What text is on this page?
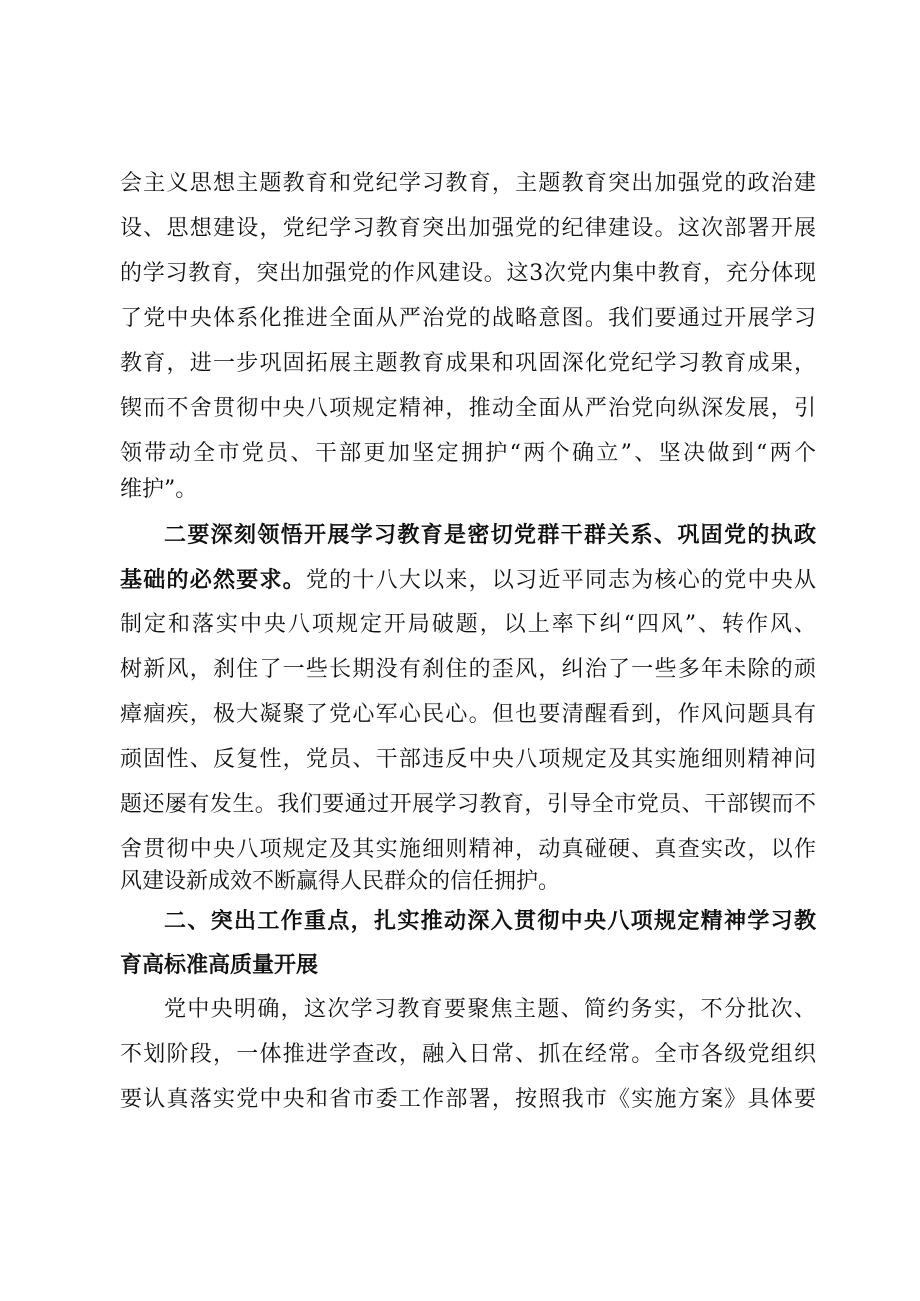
会主义思想主题教育和党纪学习教育，主题教育突出加强党的政治建
设、思想建设，党纪学习教育突出加强党的纪律建设。这次部署开展
的学习教育，突出加强党的作风建设。这3次党内集中教育，充分体现
了党中央体系化推进全面从严治党的战略意图。我们要通过开展学习
教育，进一步巩固拓展主题教育成果和巩固深化党纪学习教育成果，
锲而不舍贯彻中央八项规定精神，推动全面从严治党向纵深发展，引
领带动全市党员、干部更加坚定拥护“两个确立”、坚决做到“两个
维护”。
二要深刻领悟开展学习教育是密切党群干群关系、巩固党的执政
基础的必然要求。党的十八大以来，以习近平同志为核心的党中央从
制定和落实中央八项规定开局破题，以上率下纠“四风”、转作风、
树新风，刹住了一些长期没有刹住的歪风，纠治了一些多年未除的顽
瘴痼疾，极大凝聚了党心军心民心。但也要清醒看到，作风问题具有
顽固性、反复性，党员、干部违反中央八项规定及其实施细则精神问
题还屡有发生。我们要通过开展学习教育，引导全市党员、干部锲而不
舍贯彻中央八项规定及其实施细则精神，动真碰硬、真查实改，以作
风建设新成效不断赢得人民群众的信任拥护。
二、突出工作重点，扎实推动深入贯彻中央八项规定精神学习教
育高标准高质量开展
党中央明确，这次学习教育要聚焦主题、简约务实，不分批次、
不划阶段，一体推进学查改，融入日常、抓在经常。全市各级党组织
要认真落实党中央和省市委工作部署，按照我市《实施方案》具体要
